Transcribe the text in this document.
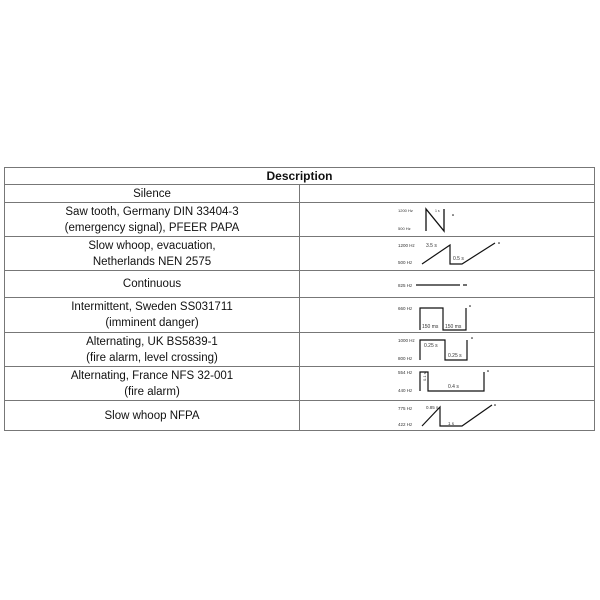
Description
Silence
Saw tooth, Germany DIN 33404-3
(emergency signal), PFEER PAPA
1200 Hz
500 Hz
1 s
Slow whoop, evacuation,
Netherlands NEN 2575
1200 Hz
500 Hz
3.5 s
0.5 s
Continuous	825 Hz
Intermittent, Sweden SS031711
(imminent danger)
660 Hz
150 ms 150 ms
Alternating, UK BS5839-1
(fire alarm, level crossing)
1000 Hz
800 Hz
0.25 s
0.25 s
Alternating, France NFS 32-001
(fire alarm)
554 Hz
440 Hz
0.1 s
0.4 s
Slow whoop NFPA
775 Hz
422 Hz
0.85 s
1 s
